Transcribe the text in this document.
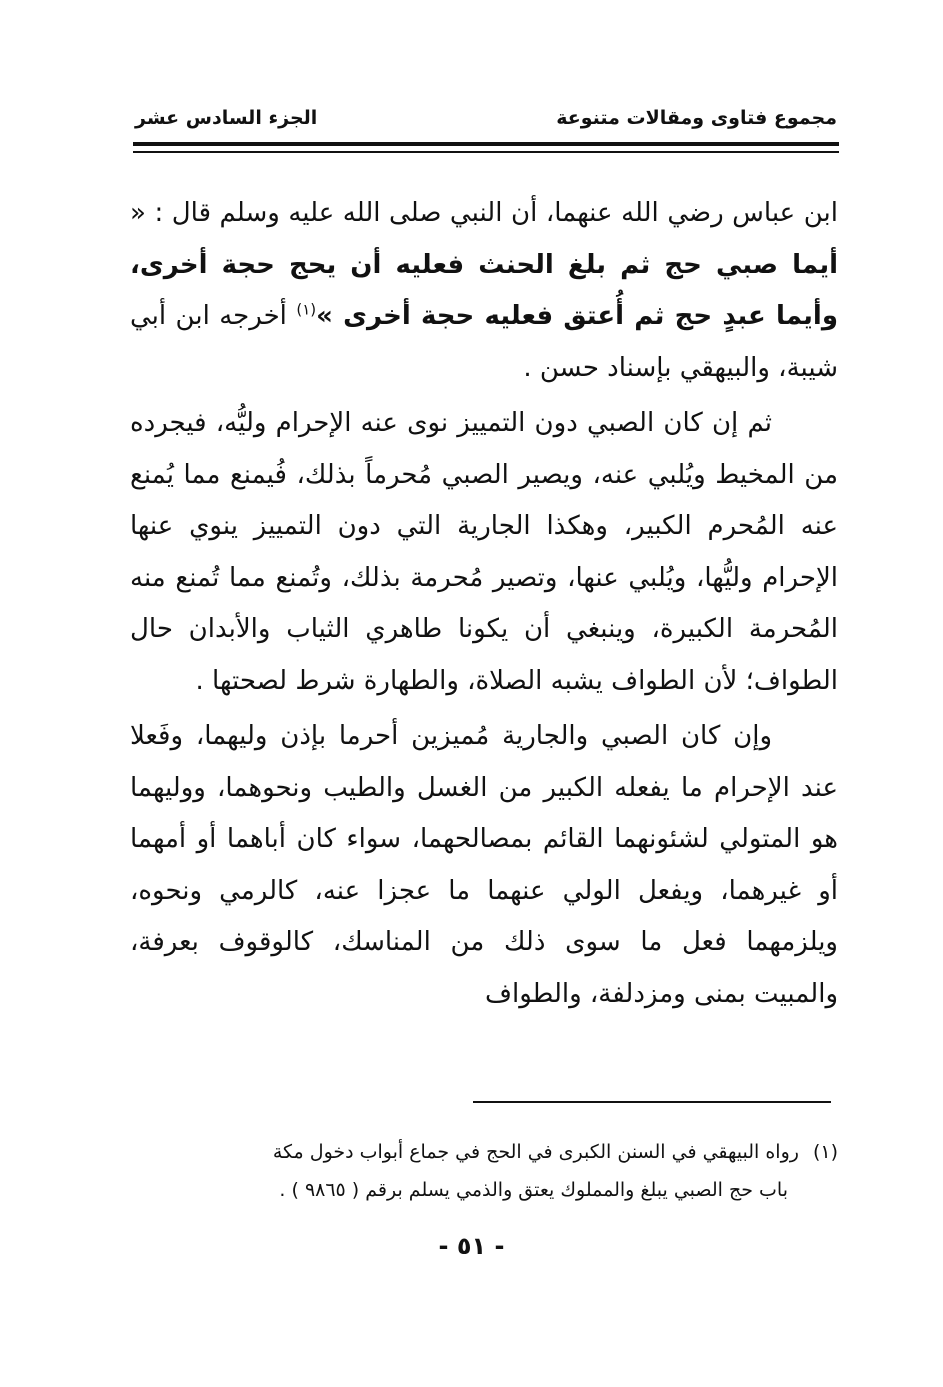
مجموع فتاوى ومقالات متنوعة
الجزء السادس عشر

ابن عباس رضي الله عنهما، أن النبي صلى الله عليه وسلم قال : « أيما صبي حج ثم بلغ الحنث فعليه أن يحج حجة أخرى، وأيما عبدٍ حج ثم أُعتق فعليه حجة أخرى »$^{(١)}$ أخرجه ابن أبي شيبة، والبيهقي بإسناد حسن .

ثم إن كان الصبي دون التمييز نوى عنه الإحرام وليُّه، فيجرده من المخيط ويُلبي عنه، ويصير الصبي مُحرماً بذلك، فُيمنع مما يُمنع عنه المُحرم الكبير، وهكذا الجارية التي دون التمييز ينوي عنها الإحرام وليُّها، ويُلبي عنها، وتصير مُحرمة بذلك، وتُمنع مما تُمنع منه المُحرمة الكبيرة، وينبغي أن يكونا طاهري الثياب والأبدان حال الطواف؛ لأن الطواف يشبه الصلاة، والطهارة شرط لصحتها .

وإن كان الصبي والجارية مُميزين أحرما بإذن وليهما، وفَعلا عند الإحرام ما يفعله الكبير من الغسل والطيب ونحوهما، ووليهما هو المتولي لشئونهما القائم بمصالحهما، سواء كان أباهما أو أمهما أو غيرهما، ويفعل الولي عنهما ما عجزا عنه، كالرمي ونحوه، ويلزمهما فعل ما سوى ذلك من المناسك، كالوقوف بعرفة، والمبيت بمنى ومزدلفة، والطواف

(١)رواه البيهقي في السنن الكبرى في الحج في جماع أبواب دخول مكة
باب حج الصبي يبلغ والمملوك يعتق والذمي يسلم برقم ( ٩٨٦٥ ) .
- ٥١ -
